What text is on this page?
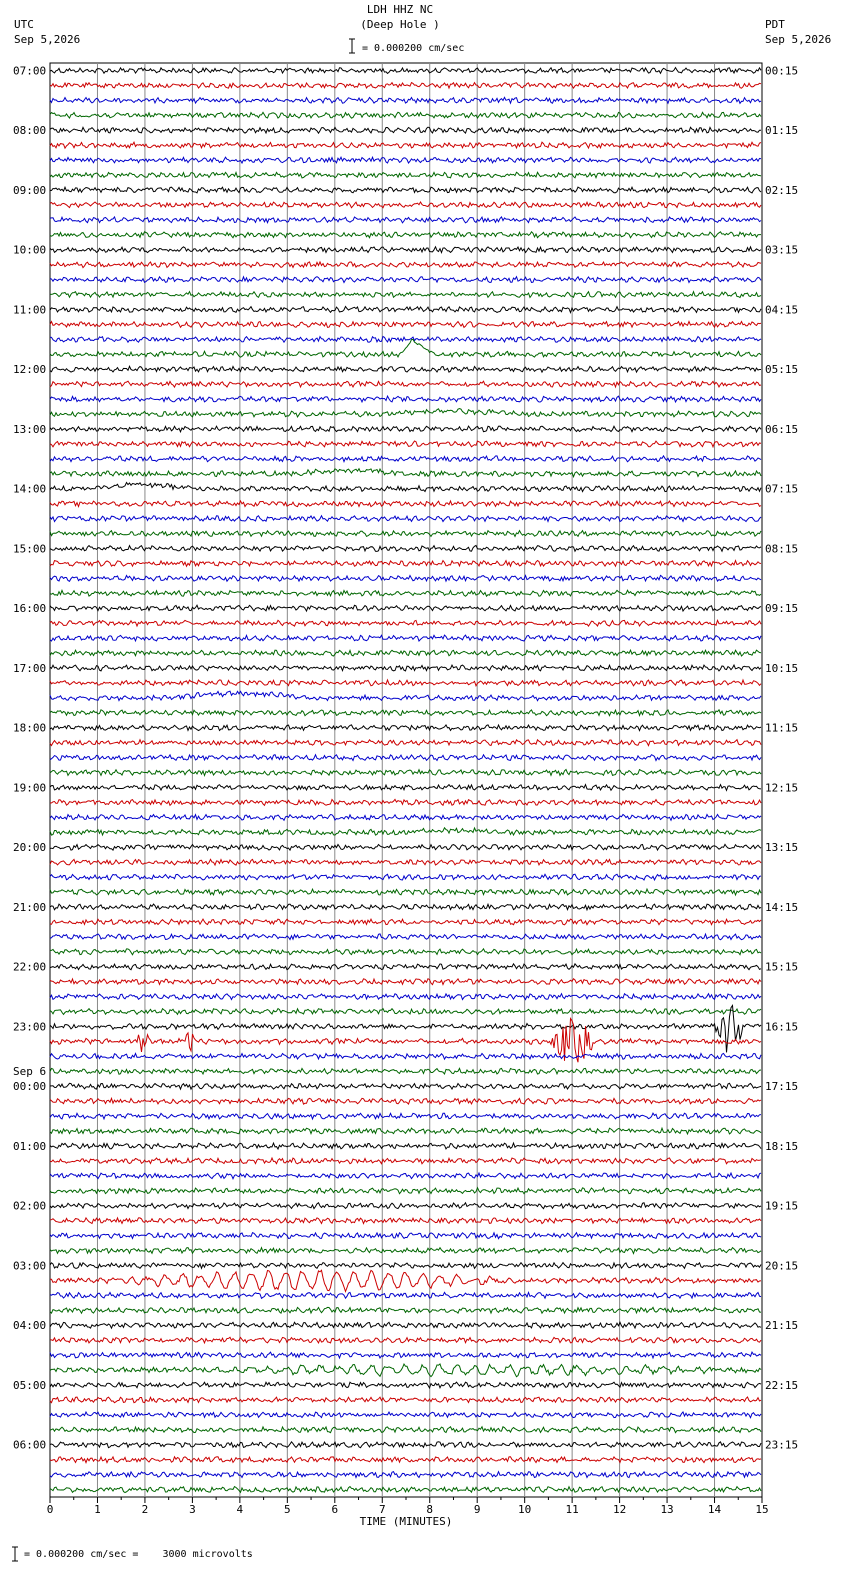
LDH HHZ NC
(Deep Hole )
= 0.000200 cm/sec
UTC
Sep 5,2026
PDT
Sep 5,2026
= 0.000200 cm/sec =    3000 microvolts
0	1	2	3	4	5	6	7	8	9	10	11	12	13	14	15
TIME (MINUTES)
07:00
08:00
09:00
10:00
11:00
12:00
13:00
14:00
15:00
16:00
17:00
18:00
19:00
20:00
21:00
22:00
23:00
00:00
01:00
02:00
03:00
04:00
05:00
06:00
Sep 6
00:15
01:15
02:15
03:15
04:15
05:15
06:15
07:15
08:15
09:15
10:15
11:15
12:15
13:15
14:15
15:15
16:15
17:15
18:15
19:15
20:15
21:15
22:15
23:15
